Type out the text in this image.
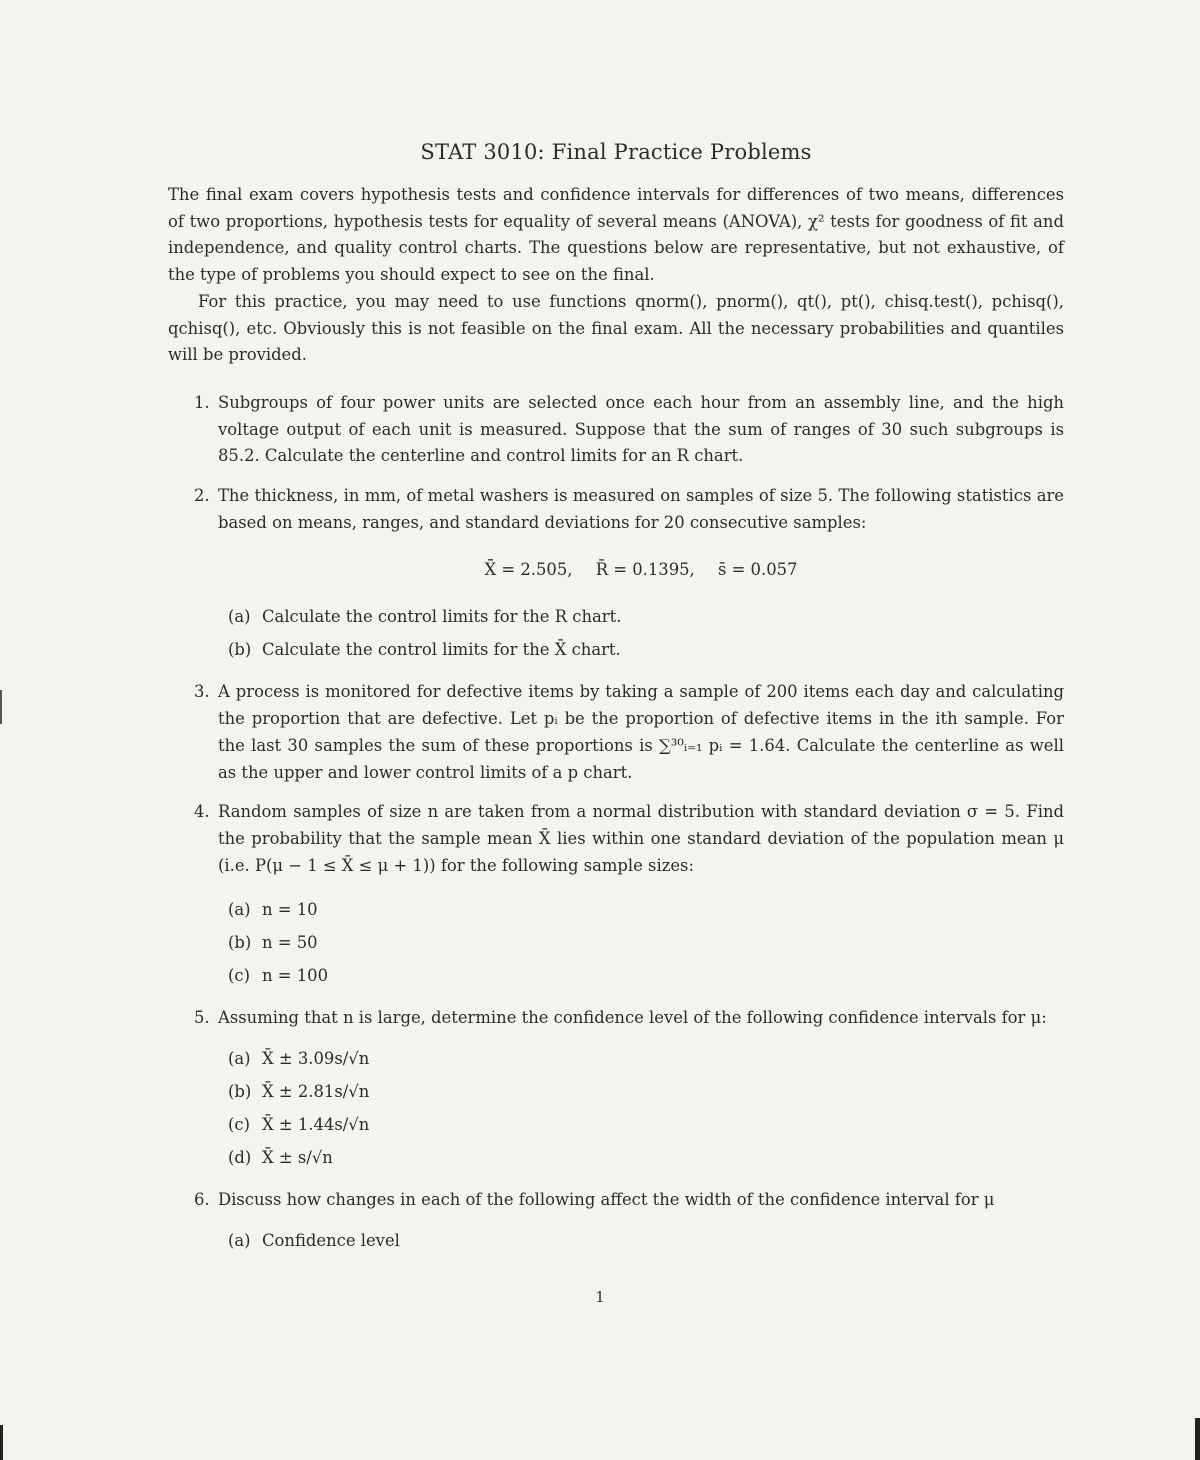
STAT 3010: Final Practice Problems

The final exam covers hypothesis tests and confidence intervals for differences of two means, differences of two proportions, hypothesis tests for equality of several means (ANOVA), χ² tests for goodness of fit and independence, and quality control charts. The questions below are representative, but not exhaustive, of the type of problems you should expect to see on the final.

For this practice, you may need to use functions qnorm(), pnorm(), qt(), pt(), chisq.test(), pchisq(), qchisq(), etc. Obviously this is not feasible on the final exam. All the necessary probabilities and quantiles will be provided.

1. Subgroups of four power units are selected once each hour from an assembly line, and the high voltage output of each unit is measured. Suppose that the sum of ranges of 30 such subgroups is 85.2. Calculate the centerline and control limits for an R chart.
2. The thickness, in mm, of metal washers is measured on samples of size 5. The following statistics are based on means, ranges, and standard deviations for 20 consecutive samples:
X̄̄ = 2.505, R̄ = 0.1395, s̄ = 0.057
(a) Calculate the control limits for the R chart.
(b) Calculate the control limits for the X̄ chart.
3. A process is monitored for defective items by taking a sample of 200 items each day and calculating the proportion that are defective. Let pᵢ be the proportion of defective items in the ith sample. For the last 30 samples the sum of these proportions is ∑³⁰ᵢ₌₁ pᵢ = 1.64. Calculate the centerline as well as the upper and lower control limits of a p chart.
4. Random samples of size n are taken from a normal distribution with standard deviation σ = 5. Find the probability that the sample mean X̄ lies within one standard deviation of the population mean μ (i.e. P(μ − 1 ≤ X̄ ≤ μ + 1)) for the following sample sizes:
(a) n = 10
(b) n = 50
(c) n = 100
5. Assuming that n is large, determine the confidence level of the following confidence intervals for μ:
(a) X̄ ± 3.09s/√n
(b) X̄ ± 2.81s/√n
(c) X̄ ± 1.44s/√n
(d) X̄ ± s/√n
6. Discuss how changes in each of the following affect the width of the confidence interval for μ
(a) Confidence level
1
